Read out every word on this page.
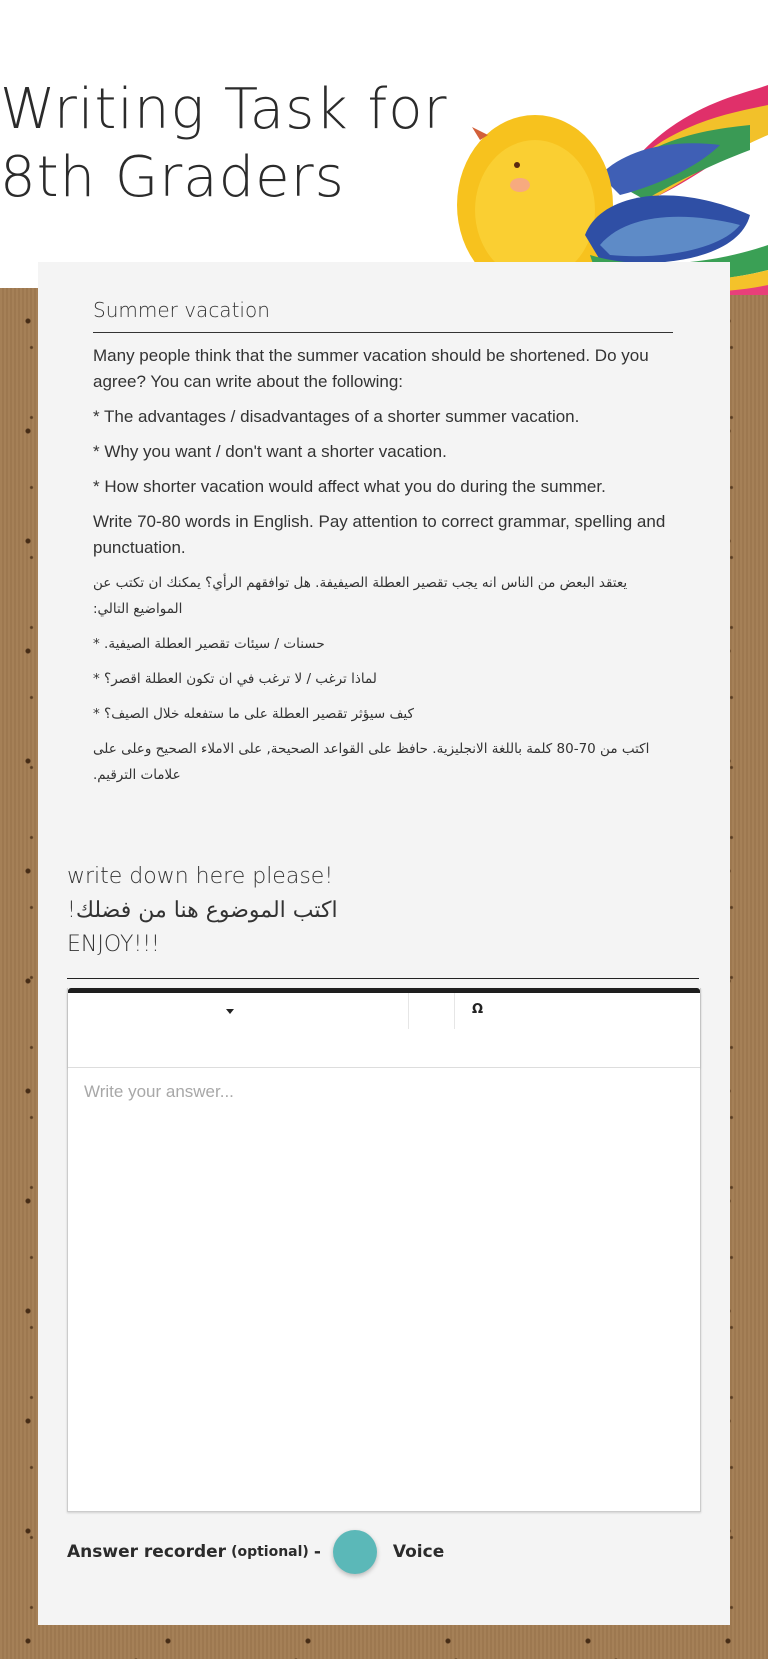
Writing Task for 8th Graders
Summer vacation

Many people think that the summer vacation should be shortened. Do you agree? You can write about the following:

* The advantages / disadvantages of a shorter summer vacation.

* Why you want / don't want a shorter vacation.

* How shorter vacation would affect what you do during the summer.

Write 70-80 words in English. Pay attention to correct grammar, spelling and punctuation.

يعتقد البعض من الناس انه يجب تقصير العطلة الصيفيفة. هل توافقهم الرأي؟ يمكنك ان تكتب عن المواضيع التالي:

حسنات / سيئات تقصير العطلة الصيفية. *

لماذا ترغب / لا ترغب في ان تكون العطلة اقصر؟ *

كيف سيؤثر تقصير العطلة على ما ستفعله خلال الصيف؟ *

اكتب من 70-80 كلمة باللغة الانجليزية. حافظ على القواعد الصحيحة, على الاملاء الصحيح وعلى على علامات الترقيم.

write down here please!
!اكتب الموضوع هنا من فضلك
ENJOY!!!
Ω
Write your answer...
Answer recorder (optional) -	Voice
